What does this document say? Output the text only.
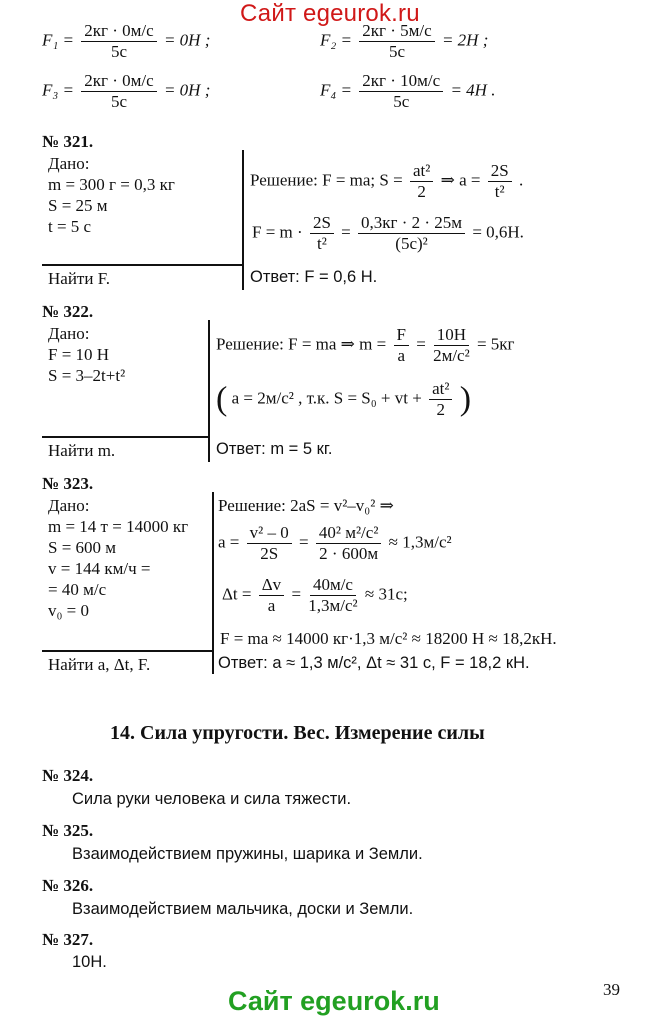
Сайт egeurok.ru
$F_1 = \frac{2кг \cdot 0м/с}{5с} = 0H$ ;	$F_2 = \frac{2кг \cdot 5м/с}{5с} = 2H$ ;
$F_3 = \frac{2кг \cdot 0м/с}{5с} = 0H$ ;	$F_4 = \frac{2кг \cdot 10м/с}{5с} = 4H$ .
№ 321.
Дано:
m = 300 г = 0,3 кг
S = 25 м
t = 5 с
Найти F.
Решение: F = ma; $S = \frac{\text{at²}}{2}$ ⇒ $a = \frac{2S}{\text{t²}}$ .
$F = m \cdot \frac{2S}{\text{t²}} = \frac{0,3кг \cdot 2 \cdot 25м}{\text{(5с)²}} = 0,6Н$.
Ответ: F = 0,6 Н.
№ 322.
Дано:
F = 10 Н
S = 3–2t+t²
Найти m.
Решение: F = ma ⇒ $m = \frac{F}{a} = \frac{10Н}{\text{2м/с²}} = 5кг$
( a = 2м/с² , т.к. S = S₀ + vt + $\frac{\text{at²}}{2}$ )
Ответ: m = 5 кг.
№ 323.
Дано:
m = 14 т = 14000 кг
S = 600 м
v = 144 км/ч =
= 40 м/с
v₀ = 0
Найти a, Δt, F.
Решение: 2aS = v²–v₀² ⇒
$a = \frac{\text{v² – 0}}{2S} = \frac{\text{40² м²/с²}}{2 \cdot 600м} \approx 1,3м/с^2$
$\Delta t = \frac{\Delta v}{a} = \frac{40м/с}{\text{1,3м/с²}} \approx 31с$;
F = ma ≈ 14000 кг·1,3 м/с² ≈ 18200 Н ≈ 18,2кН.
Ответ: a ≈ 1,3 м/с², Δt ≈ 31 с, F = 18,2 кН.
14. Сила упругости. Вес. Измерение силы
№ 324.
Сила руки человека и сила тяжести.
№ 325.
Взаимодействием пружины, шарика и Земли.
№ 326.
Взаимодействием мальчика, доски и Земли.
№ 327.
10Н.
39
Сайт egeurok.ru
